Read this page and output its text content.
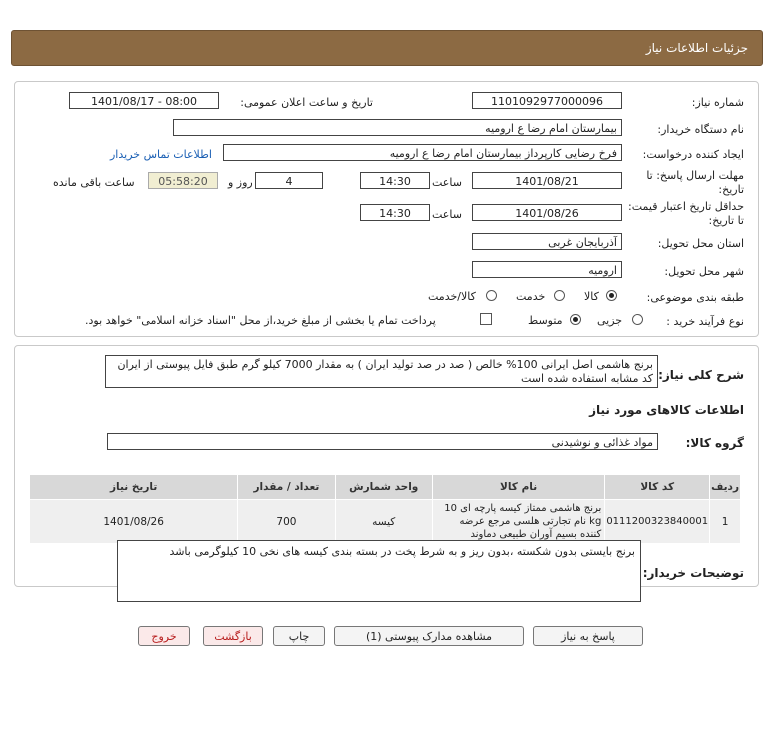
جزئیات اطلاعات نیاز
شماره نیاز:
1101092977000096
تاریخ و ساعت اعلان عمومی:
1401/08/17 - 08:00
نام دستگاه خریدار:
بیمارستان امام رضا ع ارومیه
ایجاد کننده درخواست:
فرخ رضایی کارپرداز بیمارستان امام رضا ع ارومیه
اطلاعات تماس خریدار
مهلت ارسال پاسخ: تا تاریخ:
1401/08/21
ساعت
14:30
4
روز و
05:58:20
ساعت باقی مانده
حداقل تاریخ اعتبار قیمت: تا تاریخ:
1401/08/26
ساعت
14:30
استان محل تحویل:
آذربایجان غربی
شهر محل تحویل:
ارومیه
طبقه بندی موضوعی:
کالا
خدمت
کالا/خدمت
نوع فرآیند خرید :
جزیی
متوسط
پرداخت تمام یا بخشی از مبلغ خرید،از محل "اسناد خزانه اسلامی" خواهد بود.
شرح کلی نیاز:
برنج هاشمی اصل ایرانی 100% خالص ( صد در صد تولید ایران ) به مقدار 7000 کیلو گرم طبق فایل پیوستی از ایران کد مشابه استفاده شده است
اطلاعات کالاهای مورد نیاز
گروه کالا:
مواد غذائی و نوشیدنی
ردیف	کد کالا	نام کالا	واحد شمارش	تعداد / مقدار	تاریخ نیاز
1	0111200323840001	برنج هاشمی ممتاز کیسه پارچه ای 10 kg نام تجارتی هلسی مرجع عرضه کننده بسیم آوران طبیعی دماوند	کیسه	700	1401/08/26
توضیحات خریدار:
برنج بایستی بدون شکسته ،بدون ریز و به شرط پخت در بسته بندی کیسه های نخی 10 کیلوگرمی باشد
پاسخ به نیاز
مشاهده مدارک پیوستی (1)
چاپ
بازگشت
خروج
